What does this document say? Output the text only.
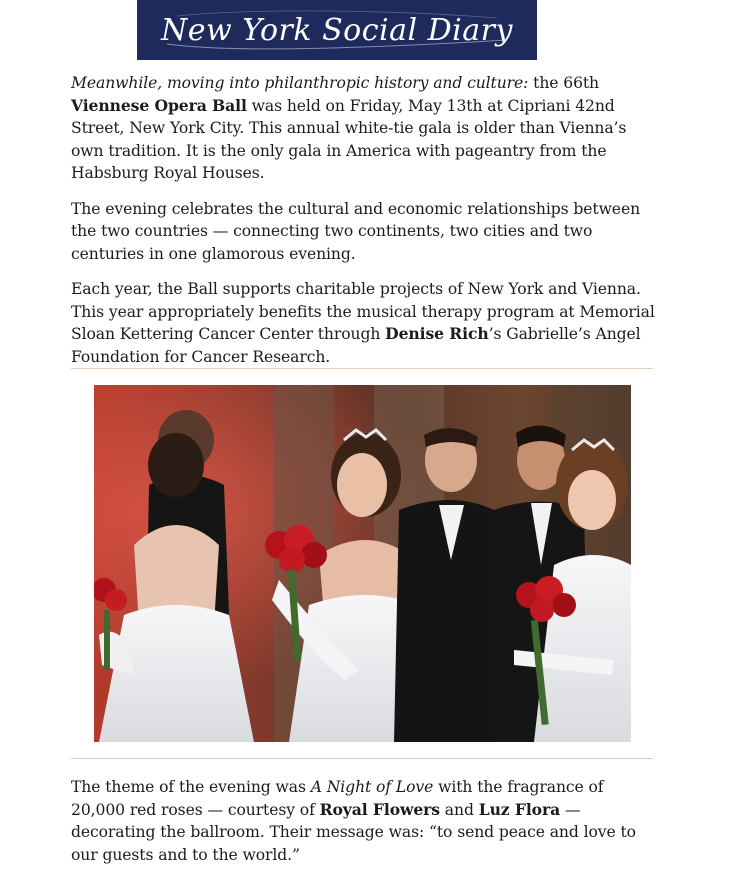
New York Social Diary

Meanwhile, moving into philanthropic history and culture: the 66th Viennese Opera Ball was held on Friday, May 13th at Cipriani 42nd Street, New York City. This annual white-tie gala is older than Vienna’s own tradition. It is the only gala in America with pageantry from the Habsburg Royal Houses.

The evening celebrates the cultural and economic relationships between the two countries — connecting two continents, two cities and two centuries in one glamorous evening.

Each year, the Ball supports charitable projects of New York and Vienna. This year appropriately benefits the musical therapy program at Memorial Sloan Kettering Cancer Center through Denise Rich’s Gabrielle’s Angel Foundation for Cancer Research.

The theme of the evening was A Night of Love with the fragrance of 20,000 red roses — courtesy of Royal Flowers and Luz Flora — decorating the ballroom. Their message was: “to send peace and love to our guests and to the world.”
